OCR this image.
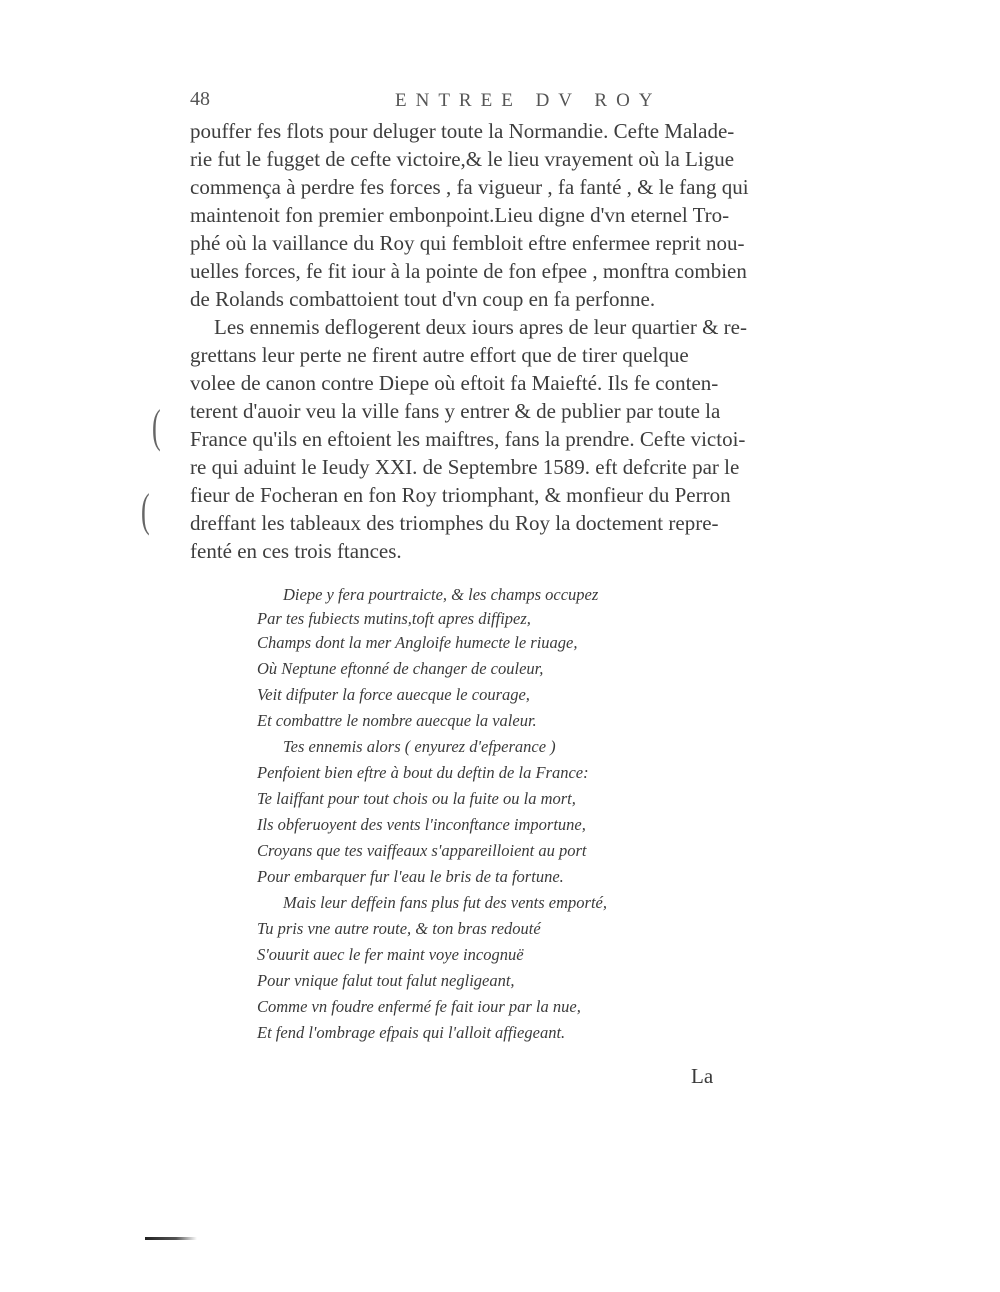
48	ENTREE DV ROY
pouffer fes flots pour deluger toute la Normandie. Cefte Malade-
rie fut le fugget de cefte victoire,& le lieu vrayement où la Ligue
commença à perdre fes forces , fa vigueur , fa fanté , & le fang qui
maintenoit fon premier embonpoint.Lieu digne d'vn eternel Tro-
phé où la vaillance du Roy qui fembloit eftre enfermee reprit nou-
uelles forces, fe fit iour à la pointe de fon efpee , monftra combien
de Rolands combattoient tout d'vn coup en fa perfonne.
Les ennemis deflogerent deux iours apres de leur quartier & re-
grettans leur perte ne firent autre effort que de tirer quelque
volee de canon contre Diepe où eftoit fa Maiefté. Ils fe conten-
terent d'auoir veu la ville fans y entrer & de publier par toute la
France qu'ils en eftoient les maiftres, fans la prendre. Cefte victoi-
re qui aduint le Ieudy XXI. de Septembre 1589. eft defcrite par le
fieur de Focheran en fon Roy triomphant, & monfieur du Perron
dreffant les tableaux des triomphes du Roy la doctement repre-
fenté en ces trois ftances.
Diepe y fera pourtraicte, & les champs occupez
Par tes fubiects mutins,toft apres diffipez,
Champs dont la mer Angloife humecte le riuage,
Où Neptune eftonné de changer de couleur,
Veit difputer la force auecque le courage,
Et combattre le nombre auecque la valeur.
Tes ennemis alors ( enyurez d'efperance )
Penfoient bien eftre à bout du deftin de la France:
Te laiffant pour tout chois ou la fuite ou la mort,
Ils obferuoyent des vents l'inconftance importune,
Croyans que tes vaiffeaux s'appareilloient au port
Pour embarquer fur l'eau le bris de ta fortune.
Mais leur deffein fans plus fut des vents emporté,
Tu pris vne autre route, & ton bras redouté
S'ouurit auec le fer maint voye incognuë
Pour vnique falut tout falut negligeant,
Comme vn foudre enfermé fe fait iour par la nue,
Et fend l'ombrage efpais qui l'alloit affiegeant.
La
(
(
